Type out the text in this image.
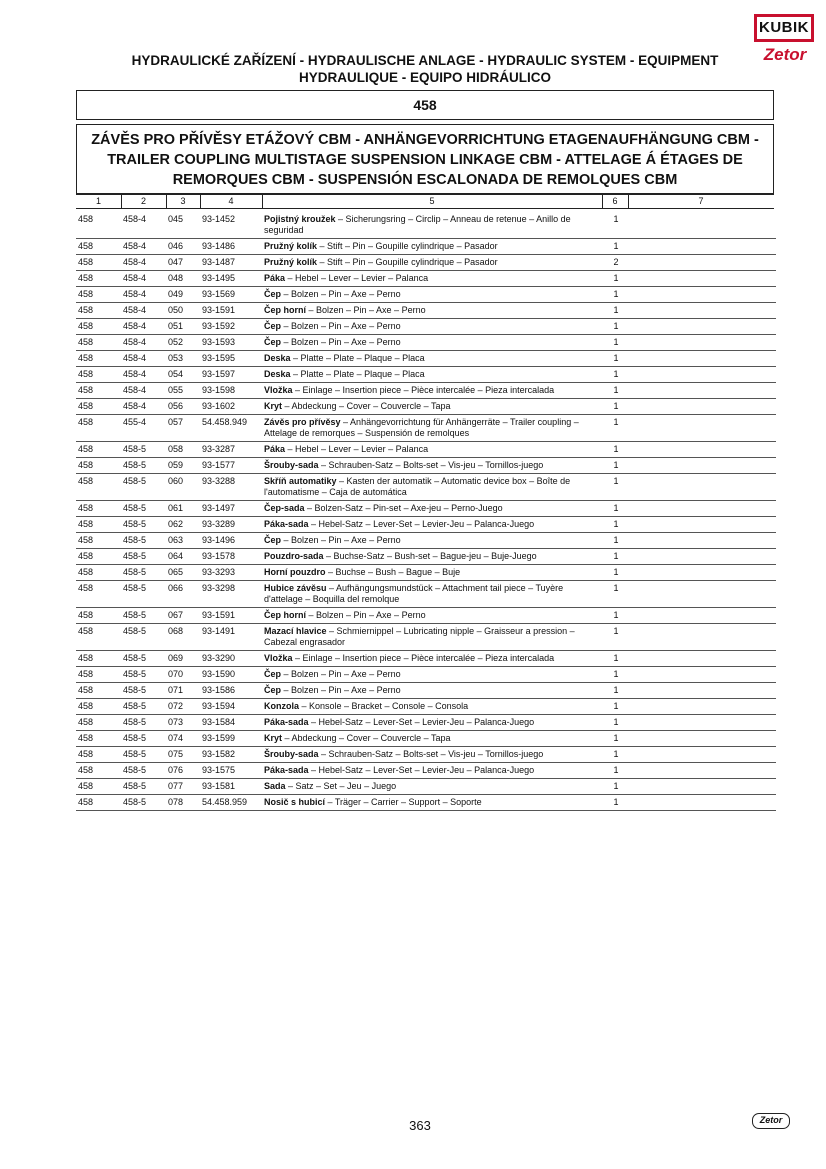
KUBIK
Zetor
HYDRAULICKÉ ZAŘÍZENÍ - HYDRAULISCHE ANLAGE - HYDRAULIC SYSTEM - EQUIPMENT
HYDRAULIQUE - EQUIPO HIDRÁULICO
458
ZÁVĚS PRO PŘÍVĚSY ETÁŽOVÝ CBM - ANHÄNGEVORRICHTUNG ETAGENAUFHÄNGUNG CBM -
TRAILER COUPLING MULTISTAGE SUSPENSION LINKAGE CBM - ATTELAGE Á ÉTAGES DE
REMORQUES CBM - SUSPENSIÓN ESCALONADA DE REMOLQUES CBM
1	2	3	4	5	6	7
458	458-4	045	93-1452	Pojistný kroužek – Sicherungsring – Circlip – Anneau de retenue – Anillo de seguridad	1	
458	458-4	046	93-1486	Pružný kolík – Stift – Pin – Goupille cylindrique – Pasador	1	
458	458-4	047	93-1487	Pružný kolík – Stift – Pin – Goupille cylindrique – Pasador	2	
458	458-4	048	93-1495	Páka – Hebel – Lever – Levier – Palanca	1	
458	458-4	049	93-1569	Čep – Bolzen – Pin – Axe – Perno	1	
458	458-4	050	93-1591	Čep horní – Bolzen – Pin – Axe – Perno	1	
458	458-4	051	93-1592	Čep – Bolzen – Pin – Axe – Perno	1	
458	458-4	052	93-1593	Čep – Bolzen – Pin – Axe – Perno	1	
458	458-4	053	93-1595	Deska – Platte – Plate – Plaque – Placa	1	
458	458-4	054	93-1597	Deska – Platte – Plate – Plaque – Placa	1	
458	458-4	055	93-1598	Vložka – Einlage – Insertion piece – Pièce intercalée – Pieza intercalada	1	
458	458-4	056	93-1602	Kryt – Abdeckung – Cover – Couvercle – Tapa	1	
458	455-4	057	54.458.949	Závěs pro přívěsy – Anhängevorrichtung für Anhängerräte – Trailer coupling – Attelage de remorques – Suspensión de remolques	1	
458	458-5	058	93-3287	Páka – Hebel – Lever – Levier – Palanca	1	
458	458-5	059	93-1577	Šrouby-sada – Schrauben-Satz – Bolts-set – Vis-jeu – Tornillos-juego	1	
458	458-5	060	93-3288	Skříň automatiky – Kasten der automatik – Automatic device box – Boîte de l'automatisme – Caja de automática	1	
458	458-5	061	93-1497	Čep-sada – Bolzen-Satz – Pin-set – Axe-jeu – Perno-Juego	1	
458	458-5	062	93-3289	Páka-sada – Hebel-Satz – Lever-Set – Levier-Jeu – Palanca-Juego	1	
458	458-5	063	93-1496	Čep – Bolzen – Pin – Axe – Perno	1	
458	458-5	064	93-1578	Pouzdro-sada – Buchse-Satz – Bush-set – Bague-jeu – Buje-Juego	1	
458	458-5	065	93-3293	Horní pouzdro – Buchse – Bush – Bague – Buje	1	
458	458-5	066	93-3298	Hubice závěsu – Aufhängungsmundstück – Attachment tail piece – Tuyère d'attelage – Boquilla del remolque	1	
458	458-5	067	93-1591	Čep horní – Bolzen – Pin – Axe – Perno	1	
458	458-5	068	93-1491	Mazací hlavice – Schmiernippel – Lubricating nipple – Graisseur a pression – Cabezal engrasador	1	
458	458-5	069	93-3290	Vložka – Einlage – Insertion piece – Pièce intercalée – Pieza intercalada	1	
458	458-5	070	93-1590	Čep – Bolzen – Pin – Axe – Perno	1	
458	458-5	071	93-1586	Čep – Bolzen – Pin – Axe – Perno	1	
458	458-5	072	93-1594	Konzola – Konsole – Bracket – Console – Consola	1	
458	458-5	073	93-1584	Páka-sada – Hebel-Satz – Lever-Set – Levier-Jeu – Palanca-Juego	1	
458	458-5	074	93-1599	Kryt – Abdeckung – Cover – Couvercle – Tapa	1	
458	458-5	075	93-1582	Šrouby-sada – Schrauben-Satz – Bolts-set – Vis-jeu – Tornillos-juego	1	
458	458-5	076	93-1575	Páka-sada – Hebel-Satz – Lever-Set – Levier-Jeu – Palanca-Juego	1	
458	458-5	077	93-1581	Sada – Satz – Set – Jeu – Juego	1	
458	458-5	078	54.458.959	Nosič s hubicí – Träger – Carrier – Support – Soporte	1	
363	Zetor
